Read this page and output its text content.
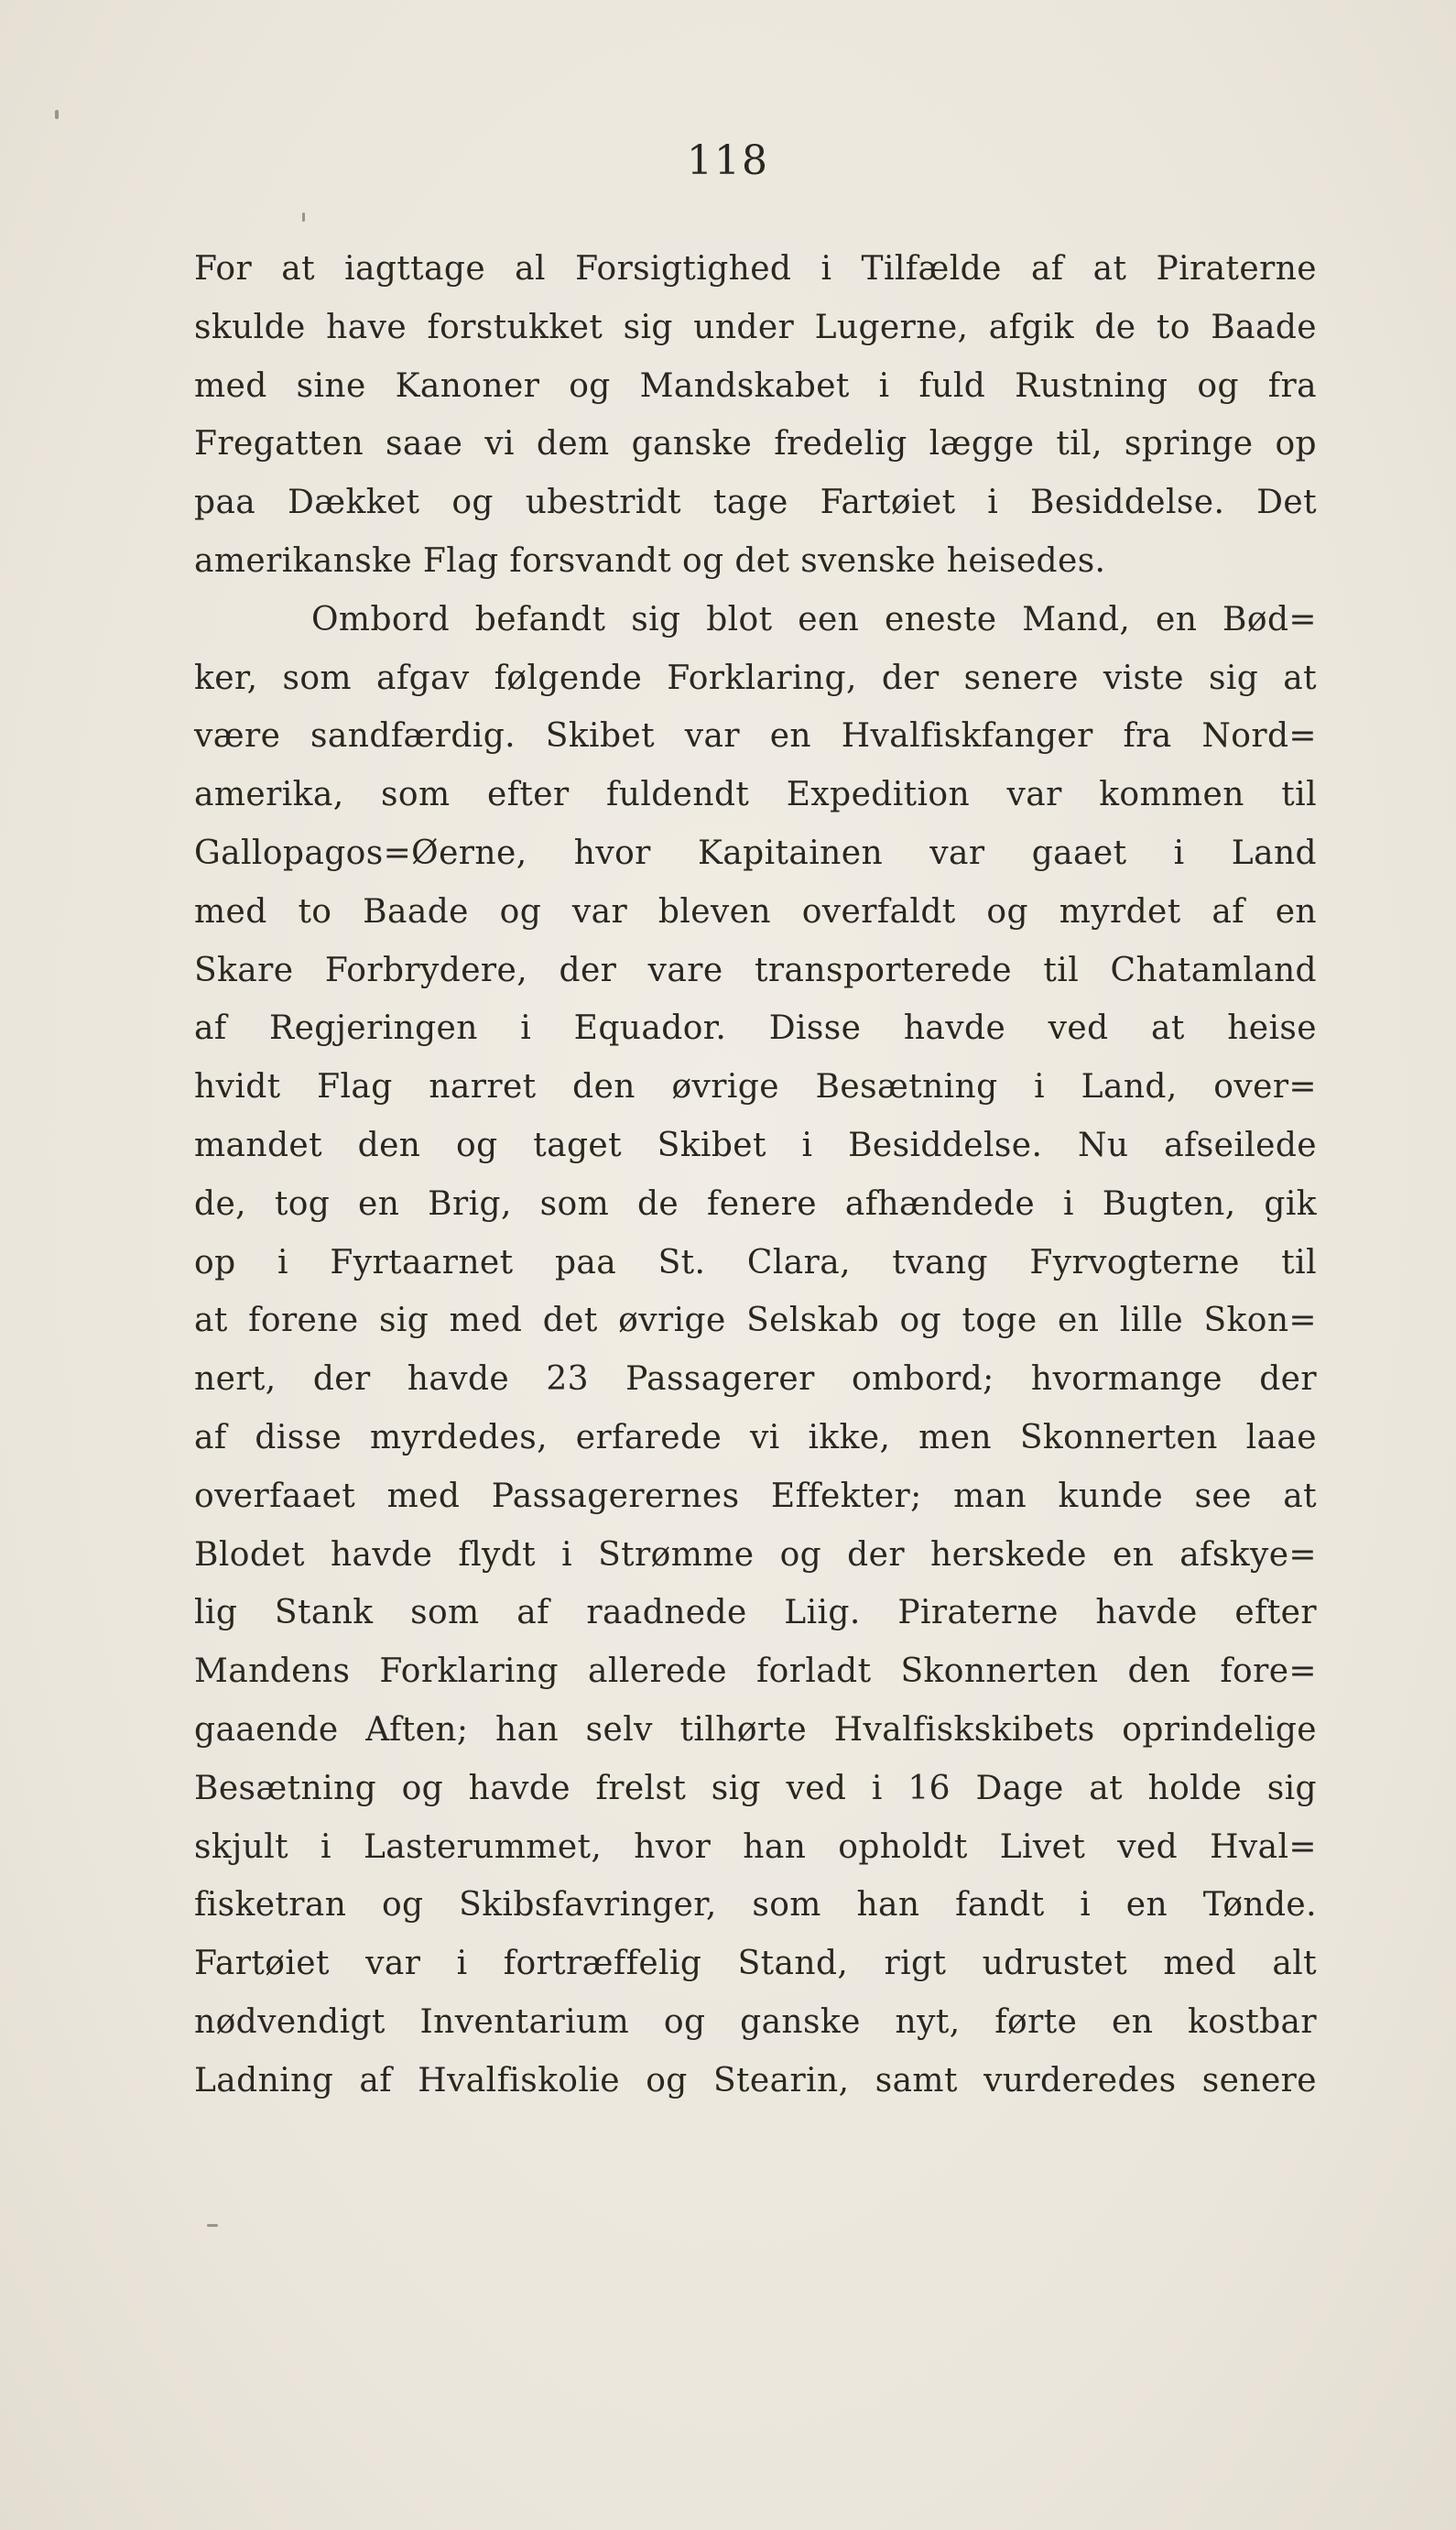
118
For at iagttage al Forsigtighed i Tilfælde af at Piraterne
skulde have forstukket sig under Lugerne, afgik de to Baade
med sine Kanoner og Mandskabet i fuld Rustning og fra
Fregatten saae vi dem ganske fredelig lægge til, springe op
paa Dækket og ubestridt tage Fartøiet i Besiddelse. Det
amerikanske Flag forsvandt og det svenske heisedes.
Ombord befandt sig blot een eneste Mand, en Bød=
ker, som afgav følgende Forklaring, der senere viste sig at
være sandfærdig. Skibet var en Hvalfiskfanger fra Nord=
amerika, som efter fuldendt Expedition var kommen til
Gallopagos=Øerne, hvor Kapitainen var gaaet i Land
med to Baade og var bleven overfaldt og myrdet af en
Skare Forbrydere, der vare transporterede til Chatamland
af Regjeringen i Equador. Disse havde ved at heise
hvidt Flag narret den øvrige Besætning i Land, over=
mandet den og taget Skibet i Besiddelse. Nu afseilede
de, tog en Brig, som de fenere afhændede i Bugten, gik
op i Fyrtaarnet paa St. Clara, tvang Fyrvogterne til
at forene sig med det øvrige Selskab og toge en lille Skon=
nert, der havde 23 Passagerer ombord; hvormange der
af disse myrdedes, erfarede vi ikke, men Skonnerten laae
overfaaet med Passagerernes Effekter; man kunde see at
Blodet havde flydt i Strømme og der herskede en afskye=
lig Stank som af raadnede Liig. Piraterne havde efter
Mandens Forklaring allerede forladt Skonnerten den fore=
gaaende Aften; han selv tilhørte Hvalfiskskibets oprindelige
Besætning og havde frelst sig ved i 16 Dage at holde sig
skjult i Lasterummet, hvor han opholdt Livet ved Hval=
fisketran og Skibsfavringer, som han fandt i en Tønde.
Fartøiet var i fortræffelig Stand, rigt udrustet med alt
nødvendigt Inventarium og ganske nyt, førte en kostbar
Ladning af Hvalfiskolie og Stearin, samt vurderedes senere
